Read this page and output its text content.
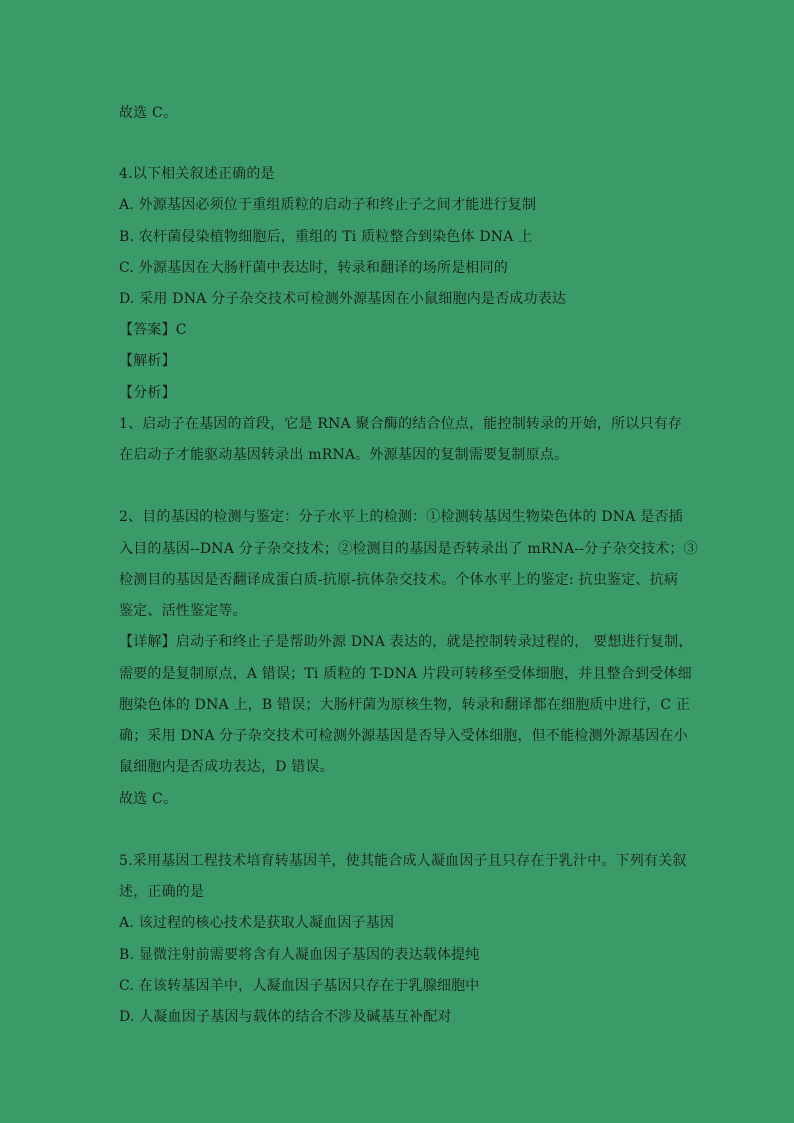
故选 C。
4.以下相关叙述正确的是
A. 外源基因必须位于重组质粒的启动子和终止子之间才能进行复制
B. 农杆菌侵染植物细胞后，重组的 Ti 质粒整合到染色体 DNA 上
C. 外源基因在大肠杆菌中表达时，转录和翻译的场所是相同的
D. 采用 DNA 分子杂交技术可检测外源基因在小鼠细胞内是否成功表达
【答案】C
【解析】
【分析】
1、启动子在基因的首段，它是 RNA 聚合酶的结合位点，能控制转录的开始，所以只有存
在启动子才能驱动基因转录出 mRNA。外源基因的复制需要复制原点。
2、目的基因的检测与鉴定：分子水平上的检测：①检测转基因生物染色体的 DNA 是否插
入目的基因--DNA 分子杂交技术；②检测目的基因是否转录出了 mRNA--分子杂交技术；③
检测目的基因是否翻译成蛋白质-抗原-抗体杂交技术。个体水平上的鉴定: 抗虫鉴定、抗病
鉴定、活性鉴定等。
【详解】启动子和终止子是帮助外源 DNA 表达的，就是控制转录过程的， 要想进行复制，
需要的是复制原点，A 错误；Ti 质粒的 T-DNA 片段可转移至受体细胞，并且整合到受体细
胞染色体的 DNA 上，B 错误；大肠杆菌为原核生物，转录和翻译都在细胞质中进行，C 正
确；采用 DNA 分子杂交技术可检测外源基因是否导入受体细胞，但不能检测外源基因在小
鼠细胞内是否成功表达，D 错误。
故选 C。
5.采用基因工程技术培育转基因羊，使其能合成人凝血因子且只存在于乳汁中。下列有关叙
述，正确的是
A. 该过程的核心技术是获取人凝血因子基因
B. 显微注射前需要将含有人凝血因子基因的表达载体提纯
C. 在该转基因羊中，人凝血因子基因只存在于乳腺细胞中
D. 人凝血因子基因与载体的结合不涉及碱基互补配对
